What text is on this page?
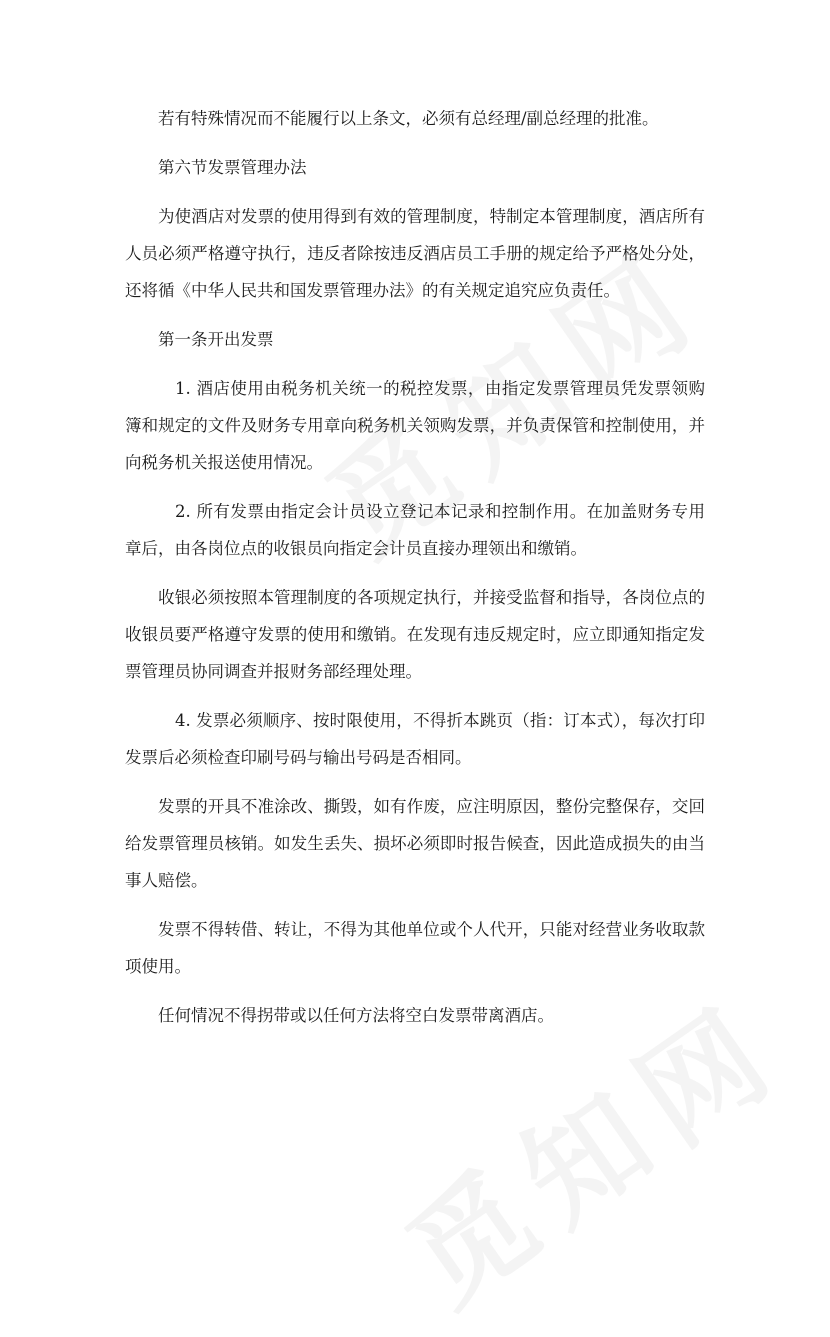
若有特殊情况而不能履行以上条文，必须有总经理/副总经理的批准。

第六节发票管理办法

为使酒店对发票的使用得到有效的管理制度，特制定本管理制度，酒店所有人员必须严格遵守执行，违反者除按违反酒店员工手册的规定给予严格处分处，还将循《中华人民共和国发票管理办法》的有关规定追究应负责任。

第一条开出发票

1. 酒店使用由税务机关统一的税控发票，由指定发票管理员凭发票领购簿和规定的文件及财务专用章向税务机关领购发票，并负责保管和控制使用，并向税务机关报送使用情况。

2. 所有发票由指定会计员设立登记本记录和控制作用。在加盖财务专用章后，由各岗位点的收银员向指定会计员直接办理领出和缴销。

收银必须按照本管理制度的各项规定执行，并接受监督和指导，各岗位点的收银员要严格遵守发票的使用和缴销。在发现有违反规定时，应立即通知指定发票管理员协同调查并报财务部经理处理。

4. 发票必须顺序、按时限使用，不得折本跳页（指：订本式），每次打印发票后必须检查印刷号码与输出号码是否相同。

发票的开具不准涂改、撕毁，如有作废，应注明原因，整份完整保存，交回给发票管理员核销。如发生丢失、损坏必须即时报告候查，因此造成损失的由当事人赔偿。

发票不得转借、转让，不得为其他单位或个人代开，只能对经营业务收取款项使用。

任何情况不得拐带或以任何方法将空白发票带离酒店。
